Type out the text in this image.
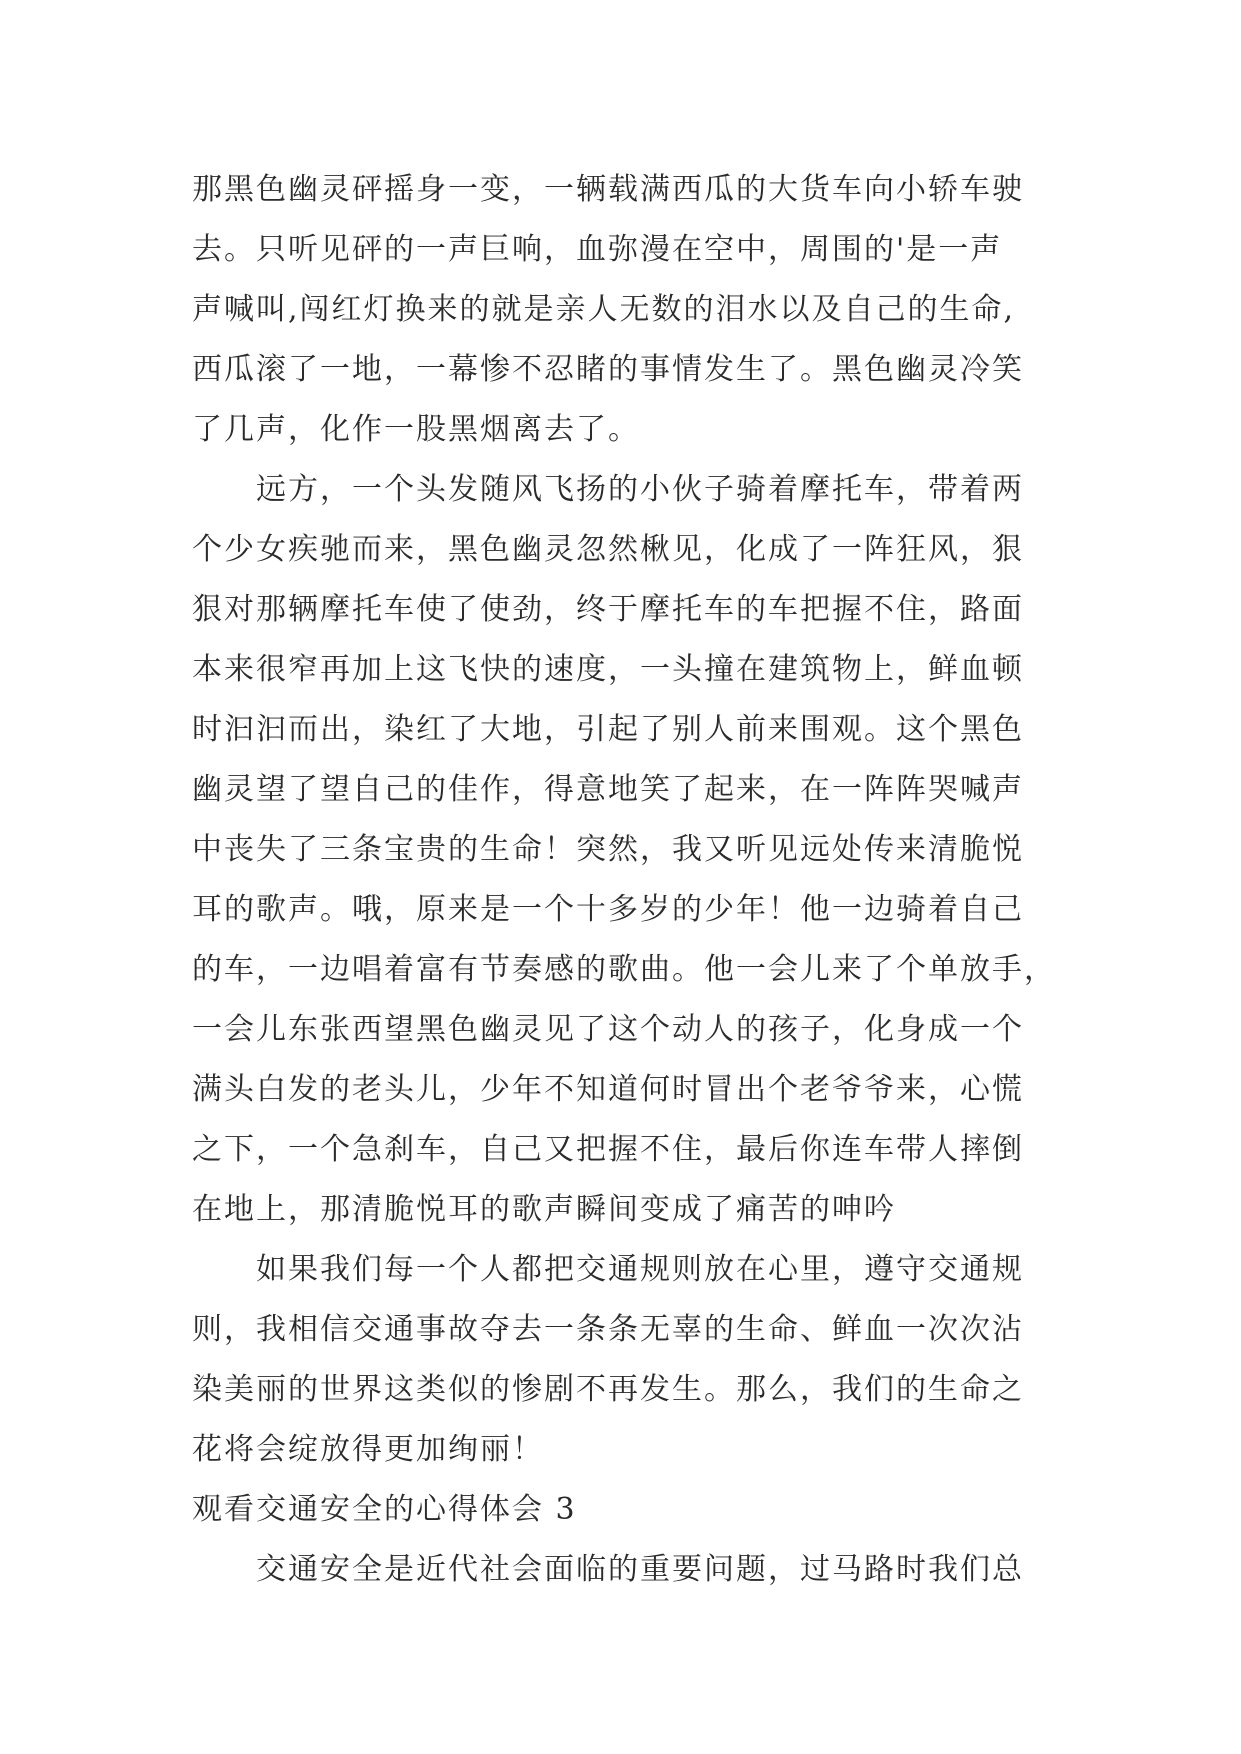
那黑色幽灵砰摇身一变，一辆载满西瓜的大货车向小轿车驶
去。只听见砰的一声巨响，血弥漫在空中，周围的'是一声
声喊叫,闯红灯换来的就是亲人无数的泪水以及自己的生命,
西瓜滚了一地，一幕惨不忍睹的事情发生了。黑色幽灵冷笑
了几声，化作一股黑烟离去了。
远方，一个头发随风飞扬的小伙子骑着摩托车，带着两
个少女疾驰而来，黑色幽灵忽然楸见，化成了一阵狂风，狠
狠对那辆摩托车使了使劲，终于摩托车的车把握不住，路面
本来很窄再加上这飞快的速度，一头撞在建筑物上，鲜血顿
时汩汩而出，染红了大地，引起了别人前来围观。这个黑色
幽灵望了望自己的佳作，得意地笑了起来，在一阵阵哭喊声
中丧失了三条宝贵的生命！突然，我又听见远处传来清脆悦
耳的歌声。哦，原来是一个十多岁的少年！他一边骑着自己
的车，一边唱着富有节奏感的歌曲。他一会儿来了个单放手，
一会儿东张西望黑色幽灵见了这个动人的孩子，化身成一个
满头白发的老头儿，少年不知道何时冒出个老爷爷来，心慌
之下，一个急刹车，自己又把握不住，最后你连车带人摔倒
在地上，那清脆悦耳的歌声瞬间变成了痛苦的呻吟
如果我们每一个人都把交通规则放在心里，遵守交通规
则，我相信交通事故夺去一条条无辜的生命、鲜血一次次沾
染美丽的世界这类似的惨剧不再发生。那么，我们的生命之
花将会绽放得更加绚丽！
观看交通安全的心得体会 3
交通安全是近代社会面临的重要问题，过马路时我们总
